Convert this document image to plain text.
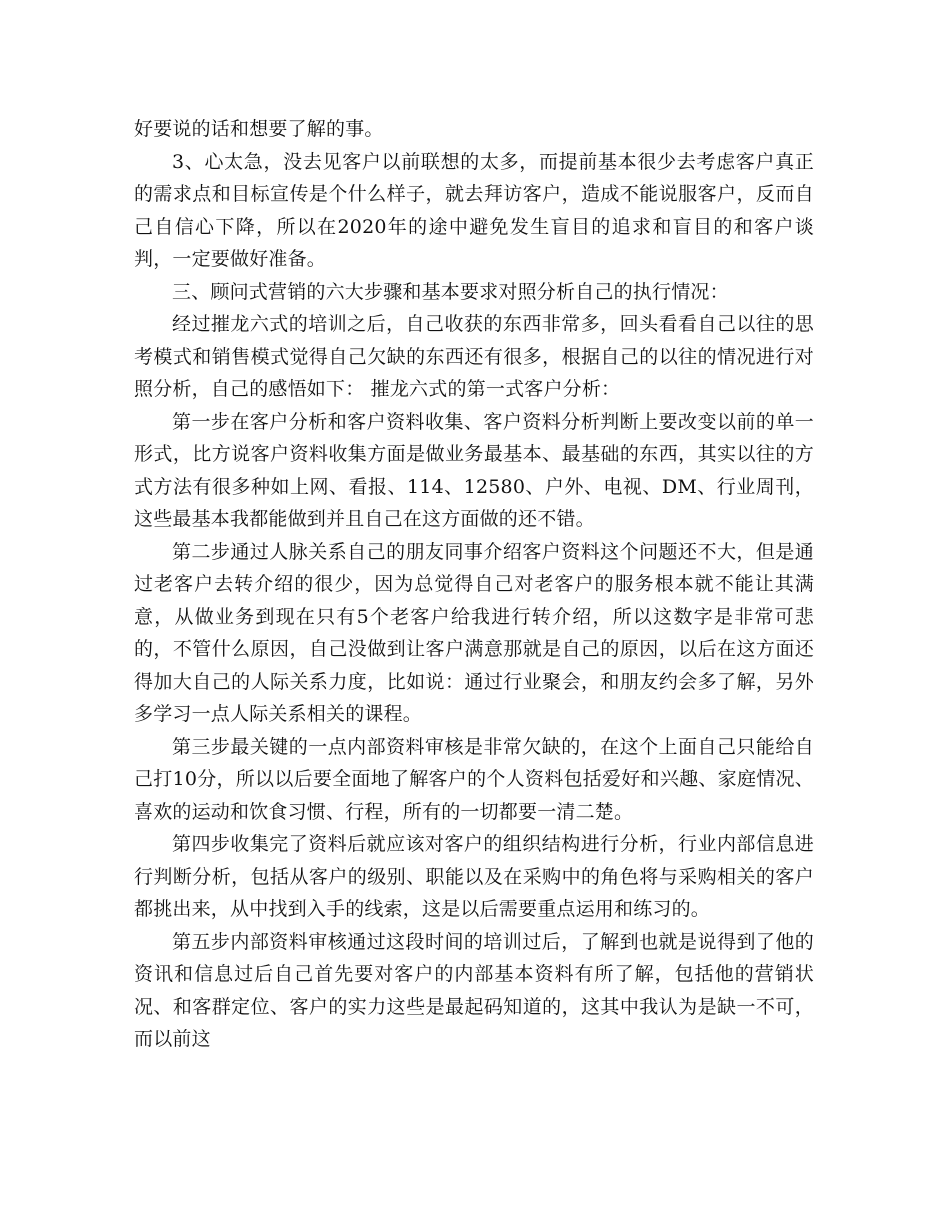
好要说的话和想要了解的事。

3、心太急，没去见客户以前联想的太多，而提前基本很少去考虑客户真正的需求点和目标宣传是个什么样子，就去拜访客户，造成不能说服客户，反而自己自信心下降，所以在2020年的途中避免发生盲目的追求和盲目的和客户谈判，一定要做好准备。

三、顾问式营销的六大步骤和基本要求对照分析自己的执行情况：

经过摧龙六式的培训之后，自己收获的东西非常多，回头看看自己以往的思考模式和销售模式觉得自己欠缺的东西还有很多，根据自己的以往的情况进行对照分析，自己的感悟如下： 摧龙六式的第一式客户分析：

第一步在客户分析和客户资料收集、客户资料分析判断上要改变以前的单一形式，比方说客户资料收集方面是做业务最基本、最基础的东西，其实以往的方式方法有很多种如上网、看报、114、12580、户外、电视、DM、行业周刊，这些最基本我都能做到并且自己在这方面做的还不错。

第二步通过人脉关系自己的朋友同事介绍客户资料这个问题还不大，但是通过老客户去转介绍的很少，因为总觉得自己对老客户的服务根本就不能让其满意，从做业务到现在只有5个老客户给我进行转介绍，所以这数字是非常可悲的，不管什么原因，自己没做到让客户满意那就是自己的原因，以后在这方面还得加大自己的人际关系力度，比如说：通过行业聚会，和朋友约会多了解，另外多学习一点人际关系相关的课程。

第三步最关键的一点内部资料审核是非常欠缺的，在这个上面自己只能给自己打10分，所以以后要全面地了解客户的个人资料包括爱好和兴趣、家庭情况、喜欢的运动和饮食习惯、行程，所有的一切都要一清二楚。

第四步收集完了资料后就应该对客户的组织结构进行分析，行业内部信息进行判断分析，包括从客户的级别、职能以及在采购中的角色将与采购相关的客户都挑出来，从中找到入手的线索，这是以后需要重点运用和练习的。

第五步内部资料审核通过这段时间的培训过后，了解到也就是说得到了他的资讯和信息过后自己首先要对客户的内部基本资料有所了解，包括他的营销状况、和客群定位、客户的实力这些是最起码知道的，这其中我认为是缺一不可，而以前这
